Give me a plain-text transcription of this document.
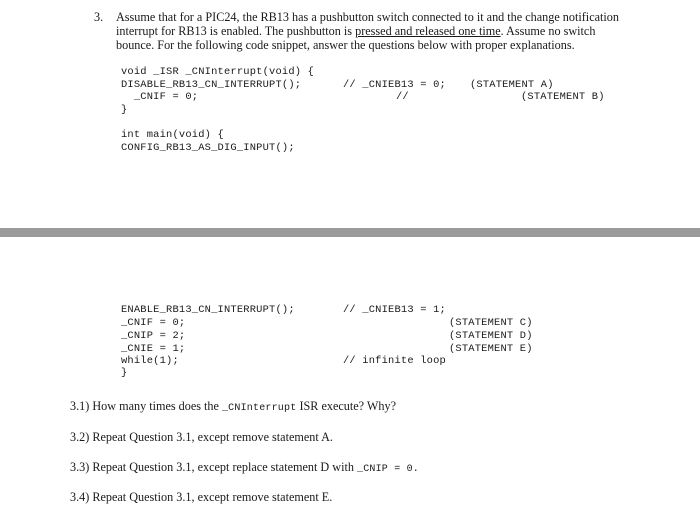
3. Assume that for a PIC24, the RB13 has a pushbutton switch connected to it and the change notification
interrupt for RB13 is enabled. The pushbutton is pressed and released one time. Assume no switch
bounce. For the following code snippet, answer the questions below with proper explanations.
void _ISR _CNInterrupt(void) {
DISABLE_RB13_CN_INTERRUPT();	// _CNIEB13 = 0; (STATEMENT A)
_CNIF = 0;	//	(STATEMENT B)
}
int main(void) {
CONFIG_RB13_AS_DIG_INPUT();
ENABLE_RB13_CN_INTERRUPT();	// _CNIEB13 = 1;
_CNIF = 0;	(STATEMENT C)
_CNIP = 2;	(STATEMENT D)
_CNIE = 1;	(STATEMENT E)
while(1);	// infinite loop
}
3.1) How many times does the _CNInterrupt ISR execute? Why?
3.2) Repeat Question 3.1, except remove statement A.
3.3) Repeat Question 3.1, except replace statement D with _CNIP = 0.
3.4) Repeat Question 3.1, except remove statement E.
